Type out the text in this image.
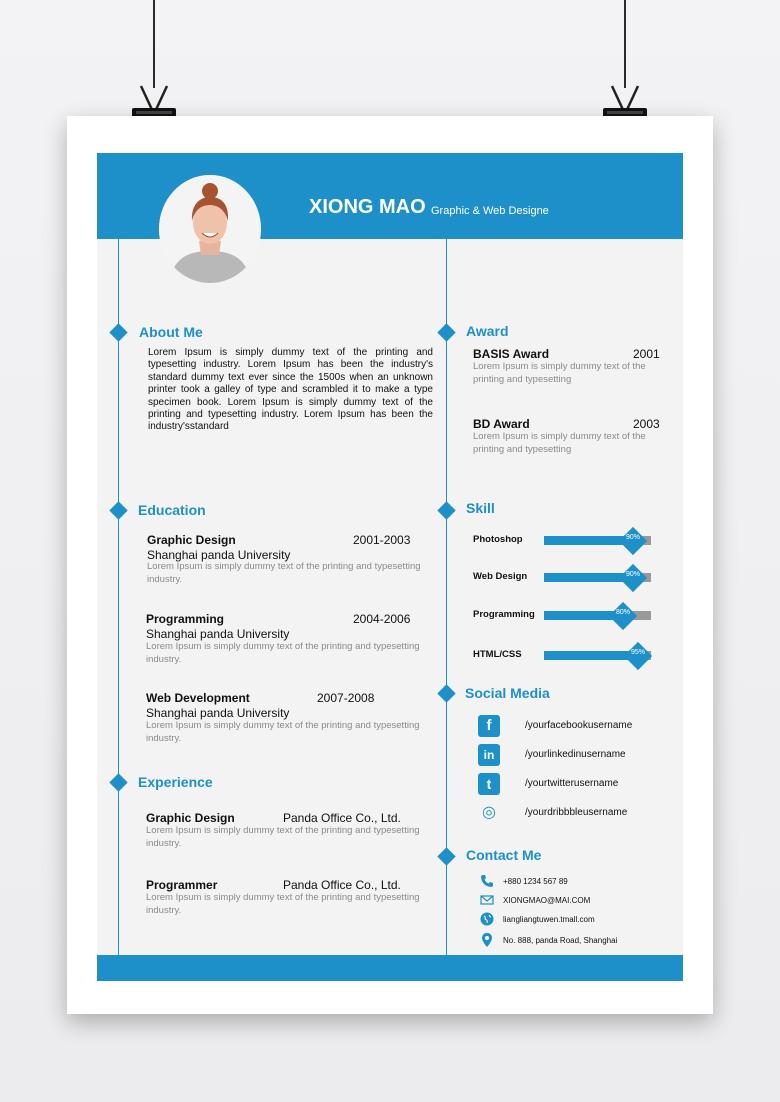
XIONG MAO Graphic & Web Designe
About Me
Lorem Ipsum is simply dummy text of the printing and typesetting industry. Lorem Ipsum has been the industry's standard dummy text ever since the 1500s when an unknown printer took a galley of type and scrambled it to make a type specimen book. Lorem Ipsum is simply dummy text of the printing and typesetting industry. Lorem Ipsum has been the industry'sstandard
Education
Graphic Design	2001-2003
Shanghai panda University
Lorem Ipsum is simply dummy text of the printing and typesetting industry.
Programming	2004-2006
Shanghai panda University
Lorem Ipsum is simply dummy text of the printing and typesetting industry.
Web Development	2007-2008
Shanghai panda University
Lorem Ipsum is simply dummy text of the printing and typesetting industry.
Experience
Graphic Design	Panda Office Co., Ltd.
Lorem Ipsum is simply dummy text of the printing and typesetting industry.
Programmer	Panda Office Co., Ltd.
Lorem Ipsum is simply dummy text of the printing and typesetting industry.
Award
BASIS Award	2001
Lorem Ipsum is simply dummy text of the printing and typesetting
BD Award	2003
Lorem Ipsum is simply dummy text of the printing and typesetting
Skill
Photoshop	90%
Web Design	90%
Programming	80%
HTML/CSS	95%
Social Media
f	/yourfacebookusername
in	/yourlinkedinusername
t	/yourtwitterusername
◎	/yourdribbbleusername
Contact Me
+880 1234 567 89
XIONGMAO@MAI.COM
liangliangtuwen.tmall.com
No. 888, panda Road, Shanghai
